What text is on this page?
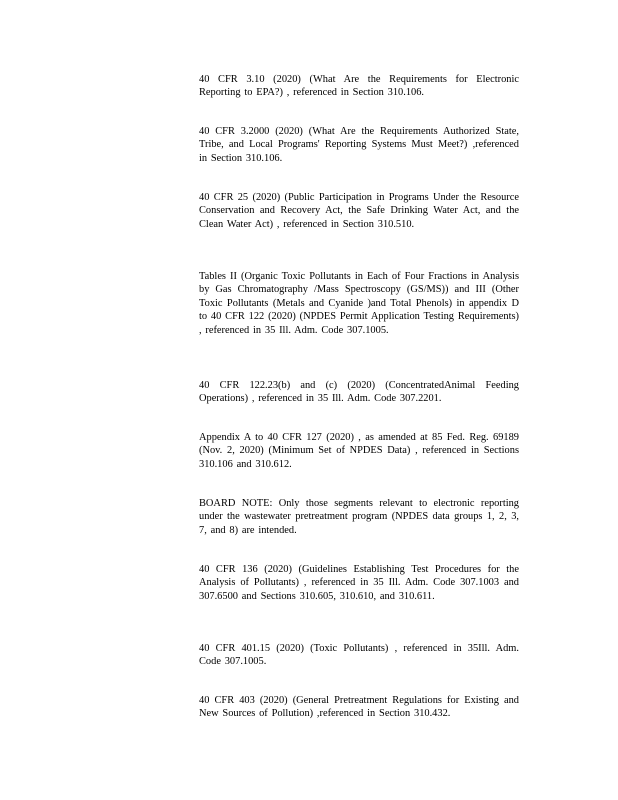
40 CFR 3.10 (2020) (What Are the Requirements for Electronic Reporting to EPA?) , referenced in Section 310.106.

40 CFR 3.2000 (2020) (What Are the Requirements Authorized State, Tribe, and Local Programs' Reporting Systems Must Meet?) ,referenced in Section 310.106.

40 CFR 25 (2020) (Public Participation in Programs Under the Resource Conservation and Recovery Act, the Safe Drinking Water Act, and the Clean Water Act) , referenced in Section 310.510.

Tables II (Organic Toxic Pollutants in Each of Four Fractions in Analysis by Gas Chromatography /Mass Spectroscopy (GS/MS)) and III (Other Toxic Pollutants (Metals and Cyanide )and Total Phenols) in appendix D to 40 CFR 122 (2020) (NPDES Permit Application Testing Requirements) , referenced in 35 Ill. Adm. Code 307.1005.

40 CFR 122.23(b) and (c) (2020) (ConcentratedAnimal Feeding Operations) , referenced in 35 Ill. Adm. Code 307.2201.

Appendix A to 40 CFR 127 (2020) , as amended at 85 Fed. Reg. 69189 (Nov. 2, 2020) (Minimum Set of NPDES Data) , referenced in Sections 310.106 and 310.612.

BOARD NOTE: Only those segments relevant to electronic reporting under the wastewater pretreatment program (NPDES data groups 1, 2, 3, 7, and 8) are intended.

40 CFR 136 (2020) (Guidelines Establishing Test Procedures for the Analysis of Pollutants) , referenced in 35 Ill. Adm. Code 307.1003 and 307.6500 and Sections 310.605, 310.610, and 310.611.

40 CFR 401.15 (2020) (Toxic Pollutants) , referenced in 35Ill. Adm. Code 307.1005.

40 CFR 403 (2020) (General Pretreatment Regulations for Existing and New Sources of Pollution) ,referenced in Section 310.432.
